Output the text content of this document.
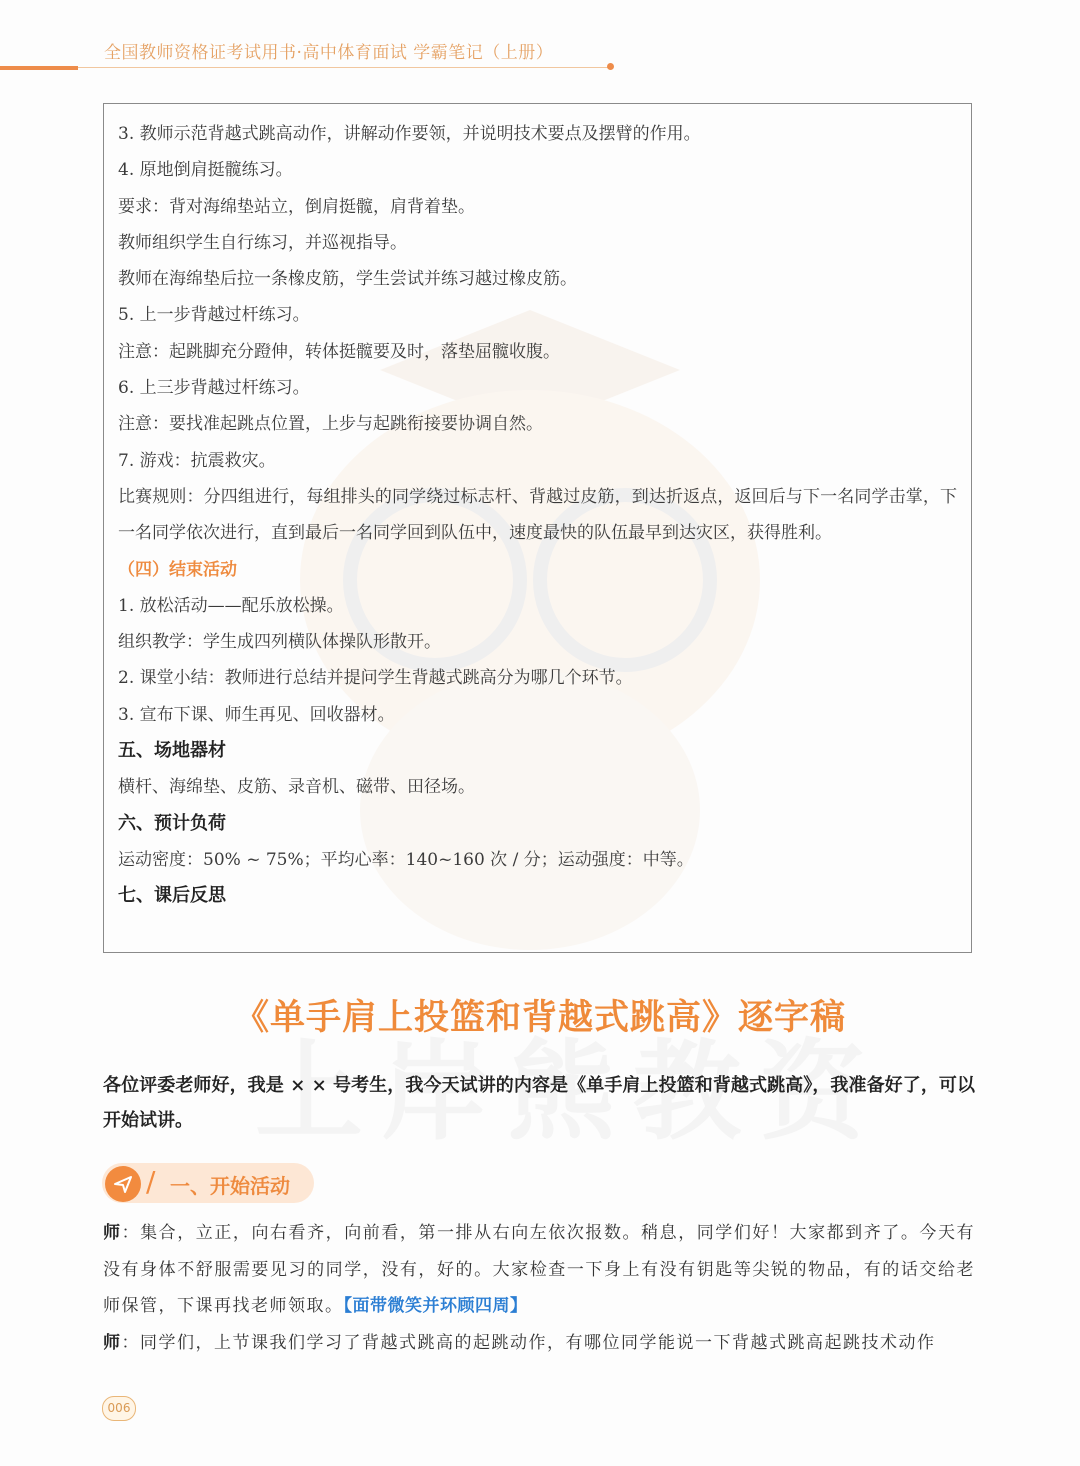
全国教师资格证考试用书·高中体育面试 学霸笔记（上册）
3. 教师示范背越式跳高动作，讲解动作要领，并说明技术要点及摆臂的作用。
4. 原地倒肩挺髋练习。
要求：背对海绵垫站立，倒肩挺髋，肩背着垫。
教师组织学生自行练习，并巡视指导。
教师在海绵垫后拉一条橡皮筋，学生尝试并练习越过橡皮筋。
5. 上一步背越过杆练习。
注意：起跳脚充分蹬伸，转体挺髋要及时，落垫屈髋收腹。
6. 上三步背越过杆练习。
注意：要找准起跳点位置，上步与起跳衔接要协调自然。
7. 游戏：抗震救灾。
比赛规则：分四组进行，每组排头的同学绕过标志杆、背越过皮筋，到达折返点，返回后与下一名同学击掌，下一名同学依次进行，直到最后一名同学回到队伍中，速度最快的队伍最早到达灾区，获得胜利。
（四）结束活动
1. 放松活动——配乐放松操。
组织教学：学生成四列横队体操队形散开。
2. 课堂小结：教师进行总结并提问学生背越式跳高分为哪几个环节。
3. 宣布下课、师生再见、回收器材。
五、场地器材
横杆、海绵垫、皮筋、录音机、磁带、田径场。
六、预计负荷
运动密度：50% ~ 75%；平均心率：140~160 次 / 分；运动强度：中等。
七、课后反思
《单手肩上投篮和背越式跳高》逐字稿
各位评委老师好，我是 × × 号考生，我今天试讲的内容是《单手肩上投篮和背越式跳高》，我准备好了，可以开始试讲。
/ 一、开始活动

师：集合，立正，向右看齐，向前看，第一排从右向左依次报数。稍息，同学们好！大家都到齐了。今天有没有身体不舒服需要见习的同学，没有，好的。大家检查一下身上有没有钥匙等尖锐的物品，有的话交给老师保管，下课再找老师领取。【面带微笑并环顾四周】

师：同学们，上节课我们学习了背越式跳高的起跳动作，有哪位同学能说一下背越式跳高起跳技术动作

006
